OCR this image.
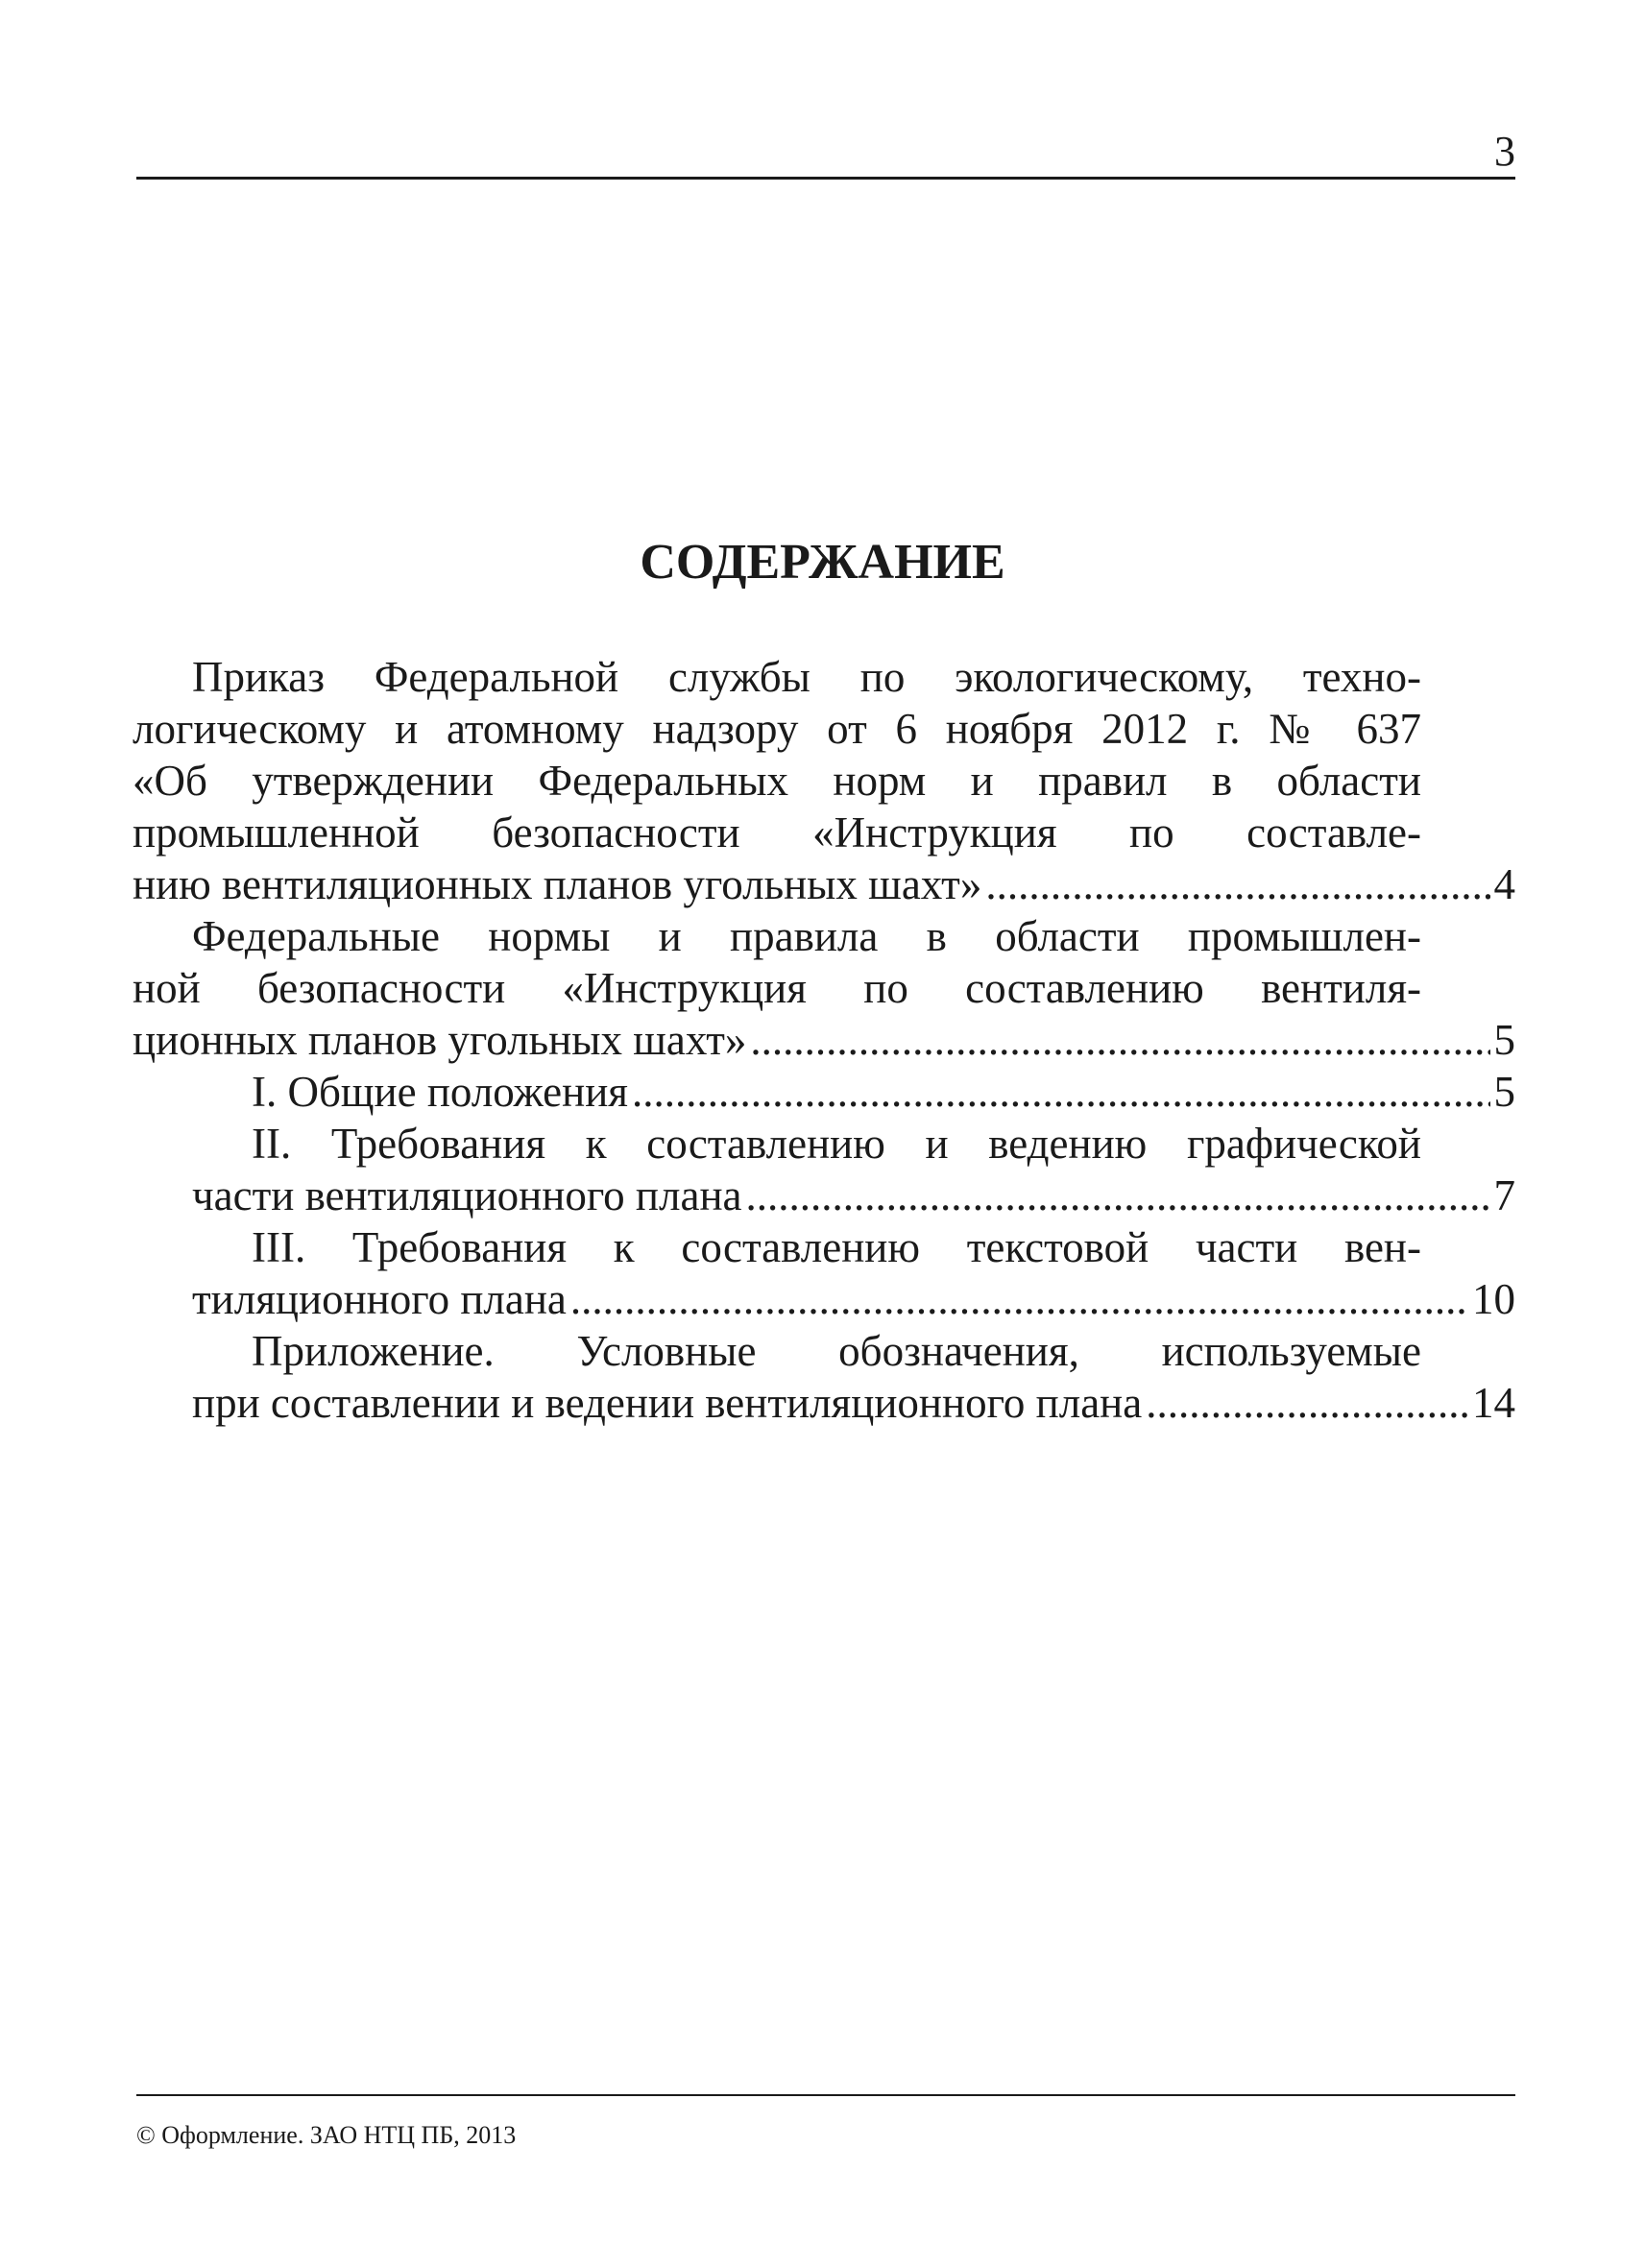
3
СОДЕРЖАНИЕ
Приказ Федеральной службы по экологическому, техно-
логическому и атомному надзору от 6 ноября 2012 г. № 637
«Об утверждении Федеральных норм и правил в области
промышленной безопасности «Инструкция по составле-
нию вентиляционных планов угольных шахт» .....	4
Федеральные нормы и правила в области промышлен-
ной безопасности «Инструкция по составлению вентиля-
ционных планов угольных шахт» .....	5
I. Общие положения .....	5
II. Требования к составлению и ведению графической
части вентиляционного плана .....	7
III. Требования к составлению текстовой части вен-
тиляционного плана .....	10
Приложение. Условные обозначения, используемые
при составлении и ведении вентиляционного плана .....	14
© Оформление. ЗАО НТЦ ПБ, 2013
